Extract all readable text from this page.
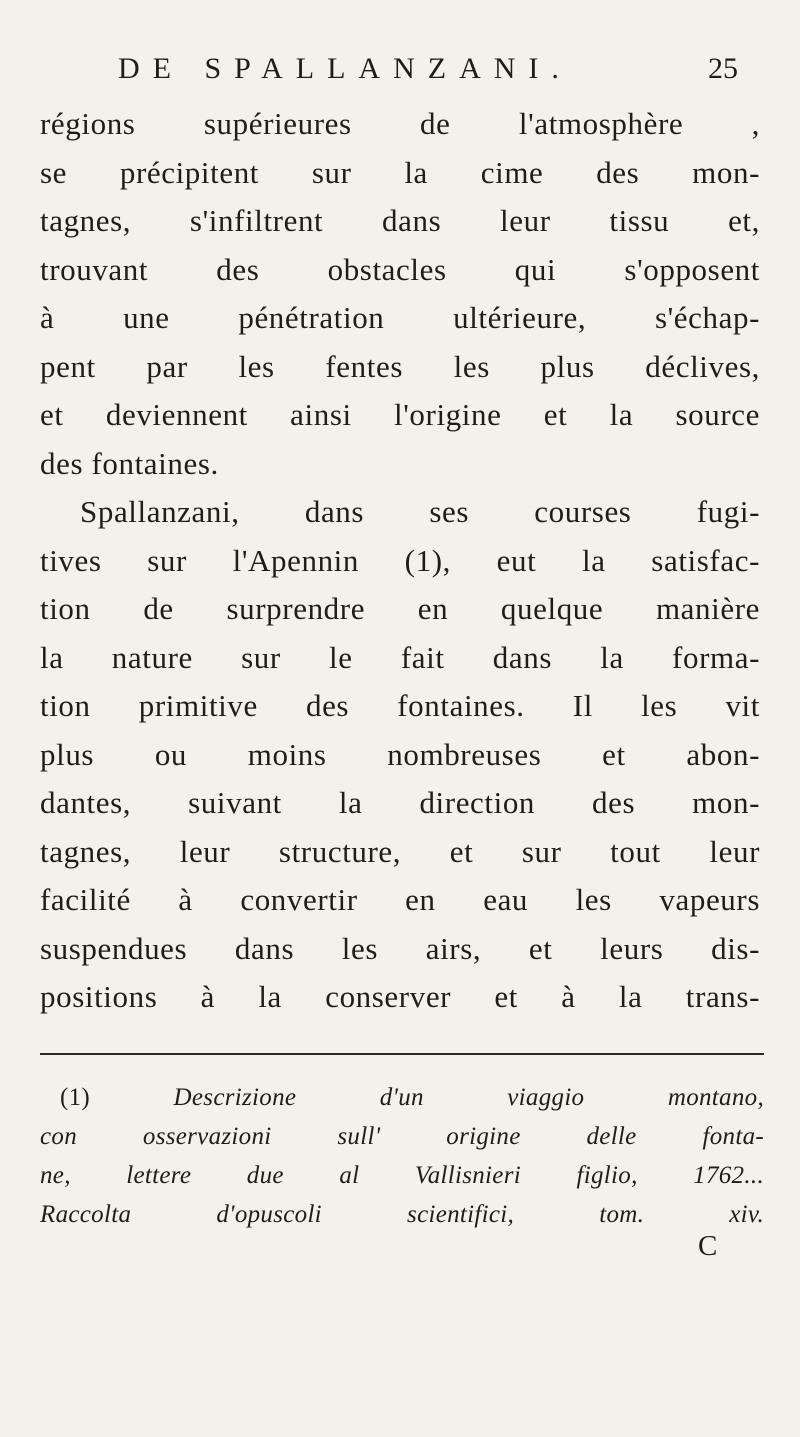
DE SPALLANZANI.	25
régions supérieures de l'atmosphère ,
se précipitent sur la cime des mon-
tagnes, s'infiltrent dans leur tissu et,
trouvant des obstacles qui s'opposent
à une pénétration ultérieure, s'échap-
pent par les fentes les plus déclives,
et deviennent ainsi l'origine et la source
des fontaines.
Spallanzani, dans ses courses fugi-
tives sur l'Apennin (1), eut la satisfac-
tion de surprendre en quelque manière
la nature sur le fait dans la forma-
tion primitive des fontaines. Il les vit
plus ou moins nombreuses et abon-
dantes, suivant la direction des mon-
tagnes, leur structure, et sur tout leur
facilité à convertir en eau les vapeurs
suspendues dans les airs, et leurs dis-
positions à la conserver et à la trans-
(1)	Descrizione d'un viaggio montano,
con osservazioni sull' origine delle fonta-
ne, lettere due al Vallisnieri figlio, 1762...
Raccolta d'opuscoli scientifici, tom. xiv.
C
